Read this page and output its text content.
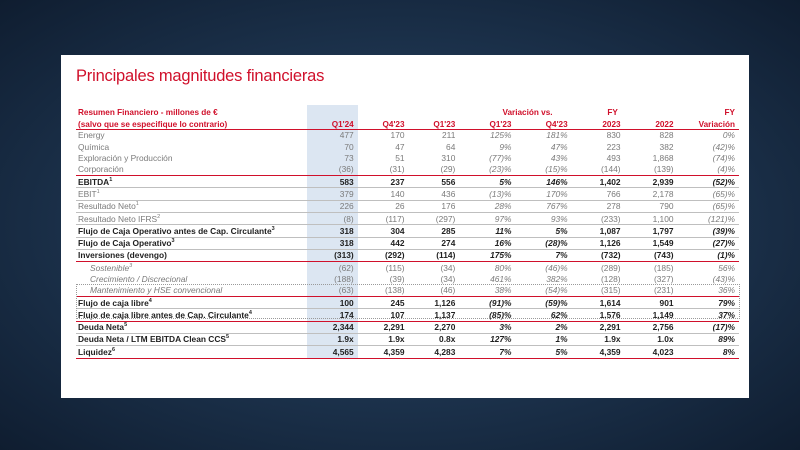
Principales magnitudes financieras
Resumen Financiero - millones de €				Variación vs.		FY		FY
(salvo que se especifique lo contrario)	Q1'24	Q4'23	Q1'23	Q1'23	Q4'23	2023	2022	Variación
Energy	477	170	211	125%	181%	830	828	0%
Química	70	47	64	9%	47%	223	382	(42)%
Exploración y Producción	73	51	310	(77)%	43%	493	1,868	(74)%
Corporación	(36)	(31)	(29)	(23)%	(15)%	(144)	(139)	(4)%
EBITDA$^1$	583	237	556	5%	146%	1,402	2,939	(52)%
EBIT$^1$	379	140	436	(13)%	170%	766	2,178	(65)%
Resultado Neto$^1$	226	26	176	28%	767%	278	790	(65)%
Resultado Neto IFRS$^2$	(8)	(117)	(297)	97%	93%	(233)	1,100	(121)%
Flujo de Caja Operativo antes de Cap. Circulante$^3$	318	304	285	11%	5%	1,087	1,797	(39)%
Flujo de Caja Operativo$^3$	318	442	274	16%	(28)%	1,126	1,549	(27)%
Inversiones (devengo)	(313)	(292)	(114)	175%	7%	(732)	(743)	(1)%
Sostenible$^3$	(62)	(115)	(34)	80%	(46)%	(289)	(185)	56%
Crecimiento / Discrecional	(188)	(39)	(34)	461%	382%	(128)	(327)	(43)%
Mantenimiento y HSE convencional	(63)	(138)	(46)	38%	(54)%	(315)	(231)	36%
Flujo de caja libre$^4$	100	245	1,126	(91)%	(59)%	1,614	901	79%
Flujo de caja libre antes de Cap. Circulante$^4$	174	107	1,137	(85)%	62%	1,576	1,149	37%
Deuda Neta$^5$	2,344	2,291	2,270	3%	2%	2,291	2,756	(17)%
Deuda Neta / LTM EBITDA Clean CCS$^5$	1.9x	1.9x	0.8x	127%	1%	1.9x	1.0x	89%
Liquidez$^6$	4,565	4,359	4,283	7%	5%	4,359	4,023	8%
